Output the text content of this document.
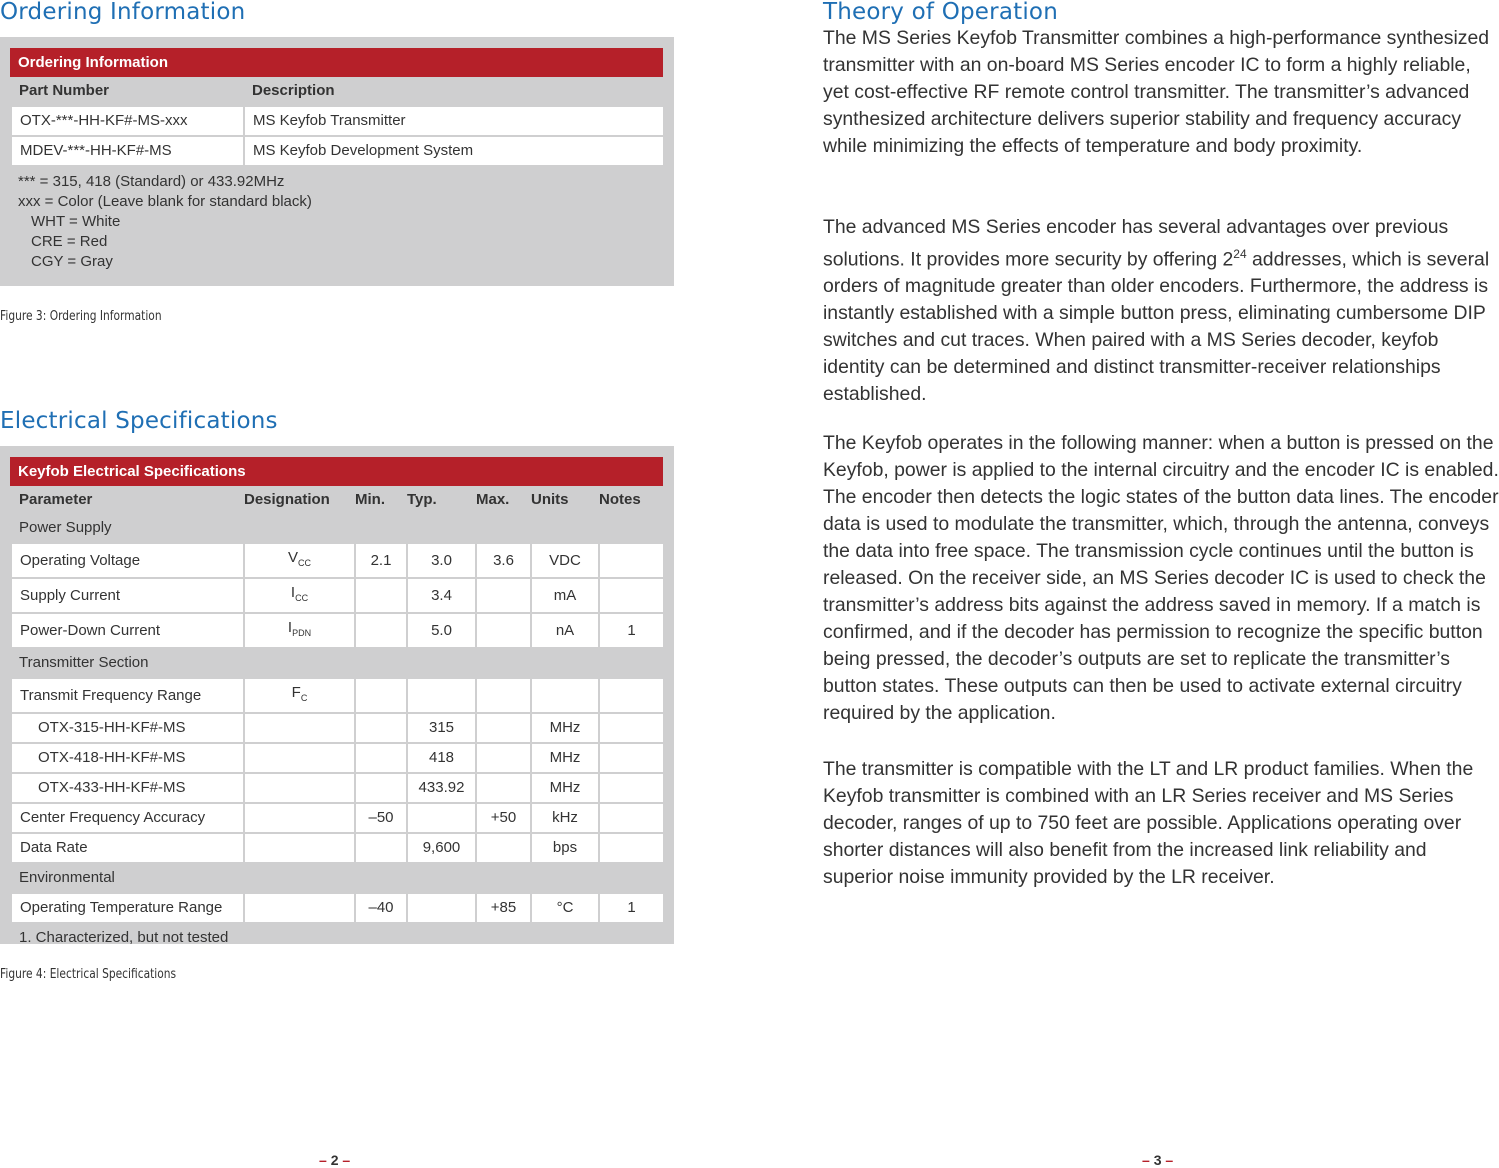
Ordering Information
Ordering Information
Part Number	Description
OTX-***-HH-KF#-MS-xxx	MS Keyfob Transmitter
MDEV-***-HH-KF#-MS	MS Keyfob Development System
*** = 315, 418 (Standard) or 433.92MHz
xxx = Color (Leave blank for standard black)
WHT = White
CRE = Red
CGY = Gray
Figure 3: Ordering Information
Electrical Specifications
Keyfob Electrical Specifications
Parameter	Designation	Min.	Typ.	Max.	Units	Notes
Power Supply						
Operating Voltage	$V_{CC}$	2.1	3.0	3.6	VDC	
Supply Current	$I_{CC}$		3.4		mA	
Power-Down Current	$I_{PDN}$		5.0		nA	1
Transmitter Section						
Transmit Frequency Range	$F_C$					
OTX-315-HH-KF#-MS			315		MHz	
OTX-418-HH-KF#-MS			418		MHz	
OTX-433-HH-KF#-MS			433.92		MHz	
Center Frequency Accuracy		–50		+50	kHz	
Data Rate			9,600		bps	
Environmental						
Operating Temperature Range		–40		+85	°C	1
1. Characterized, but not tested						
Figure 4: Electrical Specifications
Theory of Operation

The MS Series Keyfob Transmitter combines a high-performance synthesized transmitter with an on-board MS Series encoder IC to form a highly reliable, yet cost-effective RF remote control transmitter. The transmitter’s advanced synthesized architecture delivers superior stability and frequency accuracy while minimizing the effects of temperature and body proximity.

The advanced MS Series encoder has several advantages over previous solutions. It provides more security by offering $2^{24}$ addresses, which is several orders of magnitude greater than older encoders. Furthermore, the address is instantly established with a simple button press, eliminating cumbersome DIP switches and cut traces. When paired with a MS Series decoder, keyfob identity can be determined and distinct transmitter-receiver relationships established.

The Keyfob operates in the following manner: when a button is pressed on the Keyfob, power is applied to the internal circuitry and the encoder IC is enabled. The encoder then detects the logic states of the button data lines. The encoder data is used to modulate the transmitter, which, through the antenna, conveys the data into free space. The transmission cycle continues until the button is released. On the receiver side, an MS Series decoder IC is used to check the transmitter’s address bits against the address saved in memory. If a match is confirmed, and if the decoder has permission to recognize the specific button being pressed, the decoder’s outputs are set to replicate the transmitter’s button states. These outputs can then be used to activate external circuitry required by the application.

The transmitter is compatible with the LT and LR product families. When the Keyfob transmitter is combined with an LR Series receiver and MS Series decoder, ranges of up to 750 feet are possible. Applications operating over shorter distances will also benefit from the increased link reliability and superior noise immunity provided by the LR receiver.

– 2 –	– 3 –
